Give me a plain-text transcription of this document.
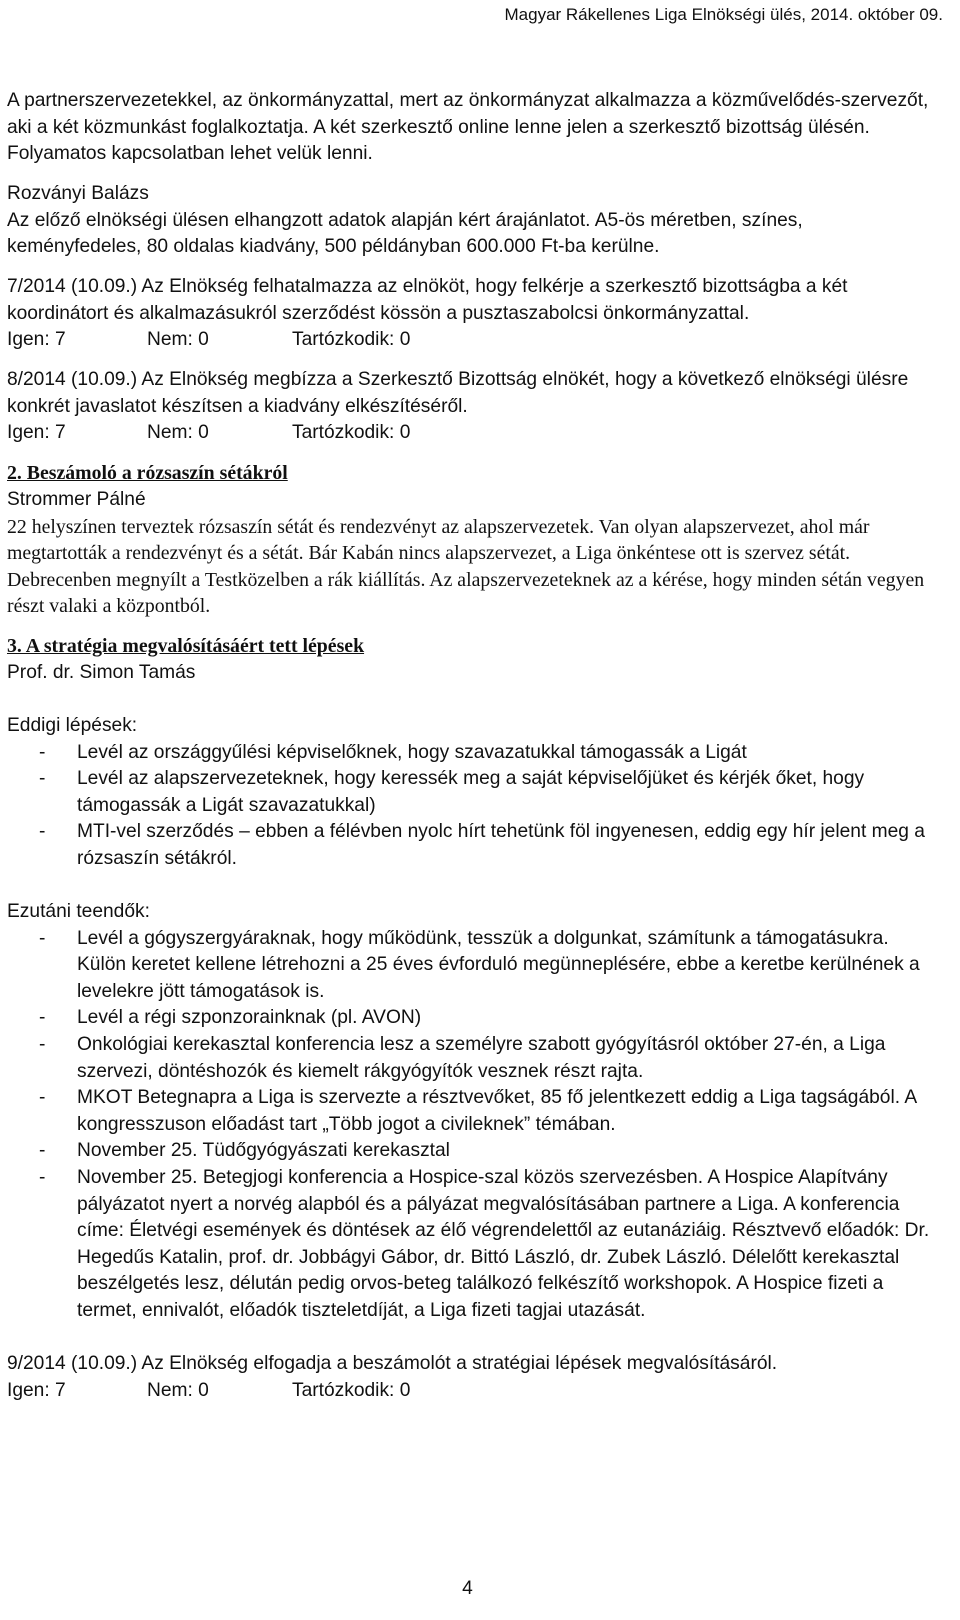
Magyar Rákellenes Liga Elnökségi ülés, 2014. október 09.
A partnerszervezetekkel, az önkormányzattal, mert az önkormányzat alkalmazza a közművelődés-szervezőt, aki a két közmunkást foglalkoztatja. A két szerkesztő online lenne jelen a szerkesztő bizottság ülésén. Folyamatos kapcsolatban lehet velük lenni.
Rozványi Balázs
Az előző elnökségi ülésen elhangzott adatok alapján kért árajánlatot. A5-ös méretben, színes, keményfedeles, 80 oldalas kiadvány, 500 példányban 600.000 Ft-ba kerülne.
7/2014 (10.09.) Az Elnökség felhatalmazza az elnököt, hogy felkérje a szerkesztő bizottságba a két koordinátort és alkalmazásukról szerződést kössön a pusztaszabolcsi önkormányzattal.
Igen: 7	Nem: 0	Tartózkodik: 0
8/2014 (10.09.) Az Elnökség megbízza a Szerkesztő Bizottság elnökét, hogy a következő elnökségi ülésre konkrét javaslatot készítsen a kiadvány elkészítéséről.
Igen: 7	Nem: 0	Tartózkodik: 0
2. Beszámoló a rózsaszín sétákról
Strommer Pálné
22 helyszínen terveztek rózsaszín sétát és rendezvényt az alapszervezetek. Van olyan alapszervezet, ahol már megtartották a rendezvényt és a sétát. Bár Kabán nincs alapszervezet, a Liga önkéntese ott is szervez sétát. Debrecenben megnyílt a Testközelben a rák kiállítás. Az alapszervezeteknek az a kérése, hogy minden sétán vegyen részt valaki a központból.
3. A stratégia megvalósításáért tett lépések
Prof. dr. Simon Tamás
Eddigi lépések:
- Levél az országgyűlési képviselőknek, hogy szavazatukkal támogassák a Ligát
- Levél az alapszervezeteknek, hogy keressék meg a saját képviselőjüket és kérjék őket, hogy támogassák a Ligát szavazatukkal)
- MTI-vel szerződés – ebben a félévben nyolc hírt tehetünk föl ingyenesen, eddig egy hír jelent meg a rózsaszín sétákról.
Ezutáni teendők:
- Levél a gógyszergyáraknak, hogy működünk, tesszük a dolgunkat, számítunk a támogatásukra. Külön keretet kellene létrehozni a 25 éves évforduló megünneplésére, ebbe a keretbe kerülnének a levelekre jött támogatások is.
- Levél a régi szponzorainknak (pl. AVON)
- Onkológiai kerekasztal konferencia lesz a személyre szabott gyógyításról október 27-én, a Liga szervezi, döntéshozók és kiemelt rákgyógyítók vesznek részt rajta.
- MKOT Betegnapra a Liga is szervezte a résztvevőket, 85 fő jelentkezett eddig a Liga tagságából. A kongresszuson előadást tart „Több jogot a civileknek” témában.
- November 25. Tüdőgyógyászati kerekasztal
- November 25. Betegjogi konferencia a Hospice-szal közös szervezésben. A Hospice Alapítvány pályázatot nyert a norvég alapból és a pályázat megvalósításában partnere a Liga. A konferencia címe: Életvégi események és döntések az élő végrendelettől az eutanáziáig. Résztvevő előadók: Dr. Hegedűs Katalin, prof. dr. Jobbágyi Gábor, dr. Bittó László, dr. Zubek László. Délelőtt kerekasztal beszélgetés lesz, délután pedig orvos-beteg találkozó felkészítő workshopok. A Hospice fizeti a termet, ennivalót, előadók tiszteletdíját, a Liga fizeti tagjai utazását.
9/2014 (10.09.) Az Elnökség elfogadja a beszámolót a stratégiai lépések megvalósításáról.
Igen: 7	Nem: 0	Tartózkodik: 0
4
